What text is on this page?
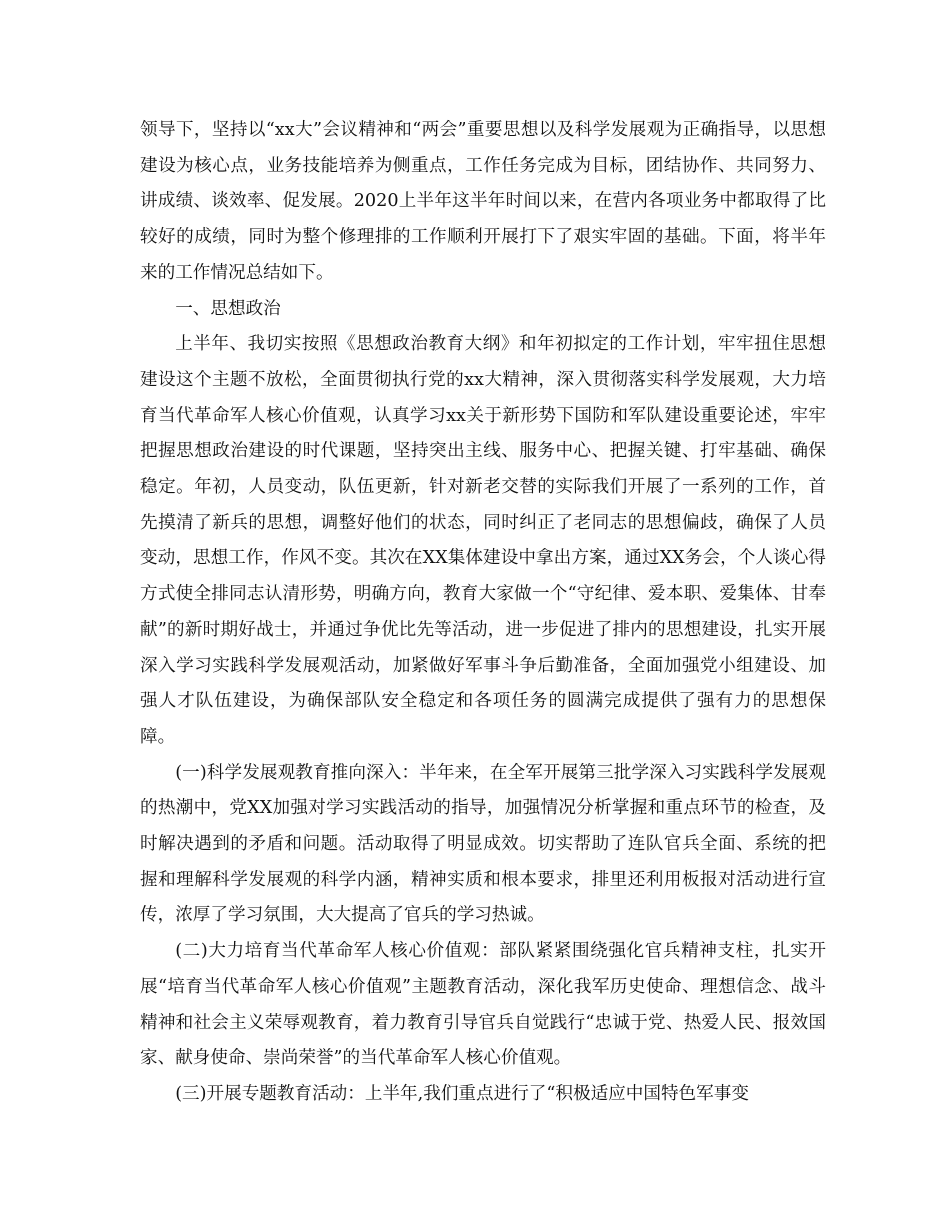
领导下，坚持以“xx大”会议精神和“两会”重要思想以及科学发展观为正确指导，以思想建设为核心点，业务技能培养为侧重点，工作任务完成为目标，团结协作、共同努力、讲成绩、谈效率、促发展。2020上半年这半年时间以来，在营内各项业务中都取得了比较好的成绩，同时为整个修理排的工作顺利开展打下了艰实牢固的基础。下面，将半年来的工作情况总结如下。

一、思想政治

上半年、我切实按照《思想政治教育大纲》和年初拟定的工作计划，牢牢扭住思想建设这个主题不放松，全面贯彻执行党的xx大精神，深入贯彻落实科学发展观，大力培育当代革命军人核心价值观，认真学习xx关于新形势下国防和军队建设重要论述，牢牢把握思想政治建设的时代课题，坚持突出主线、服务中心、把握关键、打牢基础、确保稳定。年初，人员变动，队伍更新，针对新老交替的实际我们开展了一系列的工作，首先摸清了新兵的思想，调整好他们的状态，同时纠正了老同志的思想偏歧，确保了人员变动，思想工作，作风不变。其次在XX集体建设中拿出方案，通过XX务会，个人谈心得方式使全排同志认清形势，明确方向，教育大家做一个“守纪律、爱本职、爱集体、甘奉献”的新时期好战士，并通过争优比先等活动，进一步促进了排内的思想建设，扎实开展深入学习实践科学发展观活动，加紧做好军事斗争后勤准备，全面加强党小组建设、加强人才队伍建设，为确保部队安全稳定和各项任务的圆满完成提供了强有力的思想保障。

(一)科学发展观教育推向深入：半年来，在全军开展第三批学深入习实践科学发展观的热潮中，党XX加强对学习实践活动的指导，加强情况分析掌握和重点环节的检查，及时解决遇到的矛盾和问题。活动取得了明显成效。切实帮助了连队官兵全面、系统的把握和理解科学发展观的科学内涵，精神实质和根本要求，排里还利用板报对活动进行宣传，浓厚了学习氛围，大大提高了官兵的学习热诚。

(二)大力培育当代革命军人核心价值观：部队紧紧围绕强化官兵精神支柱，扎实开展“培育当代革命军人核心价值观”主题教育活动，深化我军历史使命、理想信念、战斗精神和社会主义荣辱观教育，着力教育引导官兵自觉践行“忠诚于党、热爱人民、报效国家、献身使命、崇尚荣誉”的当代革命军人核心价值观。

(三)开展专题教育活动：上半年,我们重点进行了“积极适应中国特色军事变
